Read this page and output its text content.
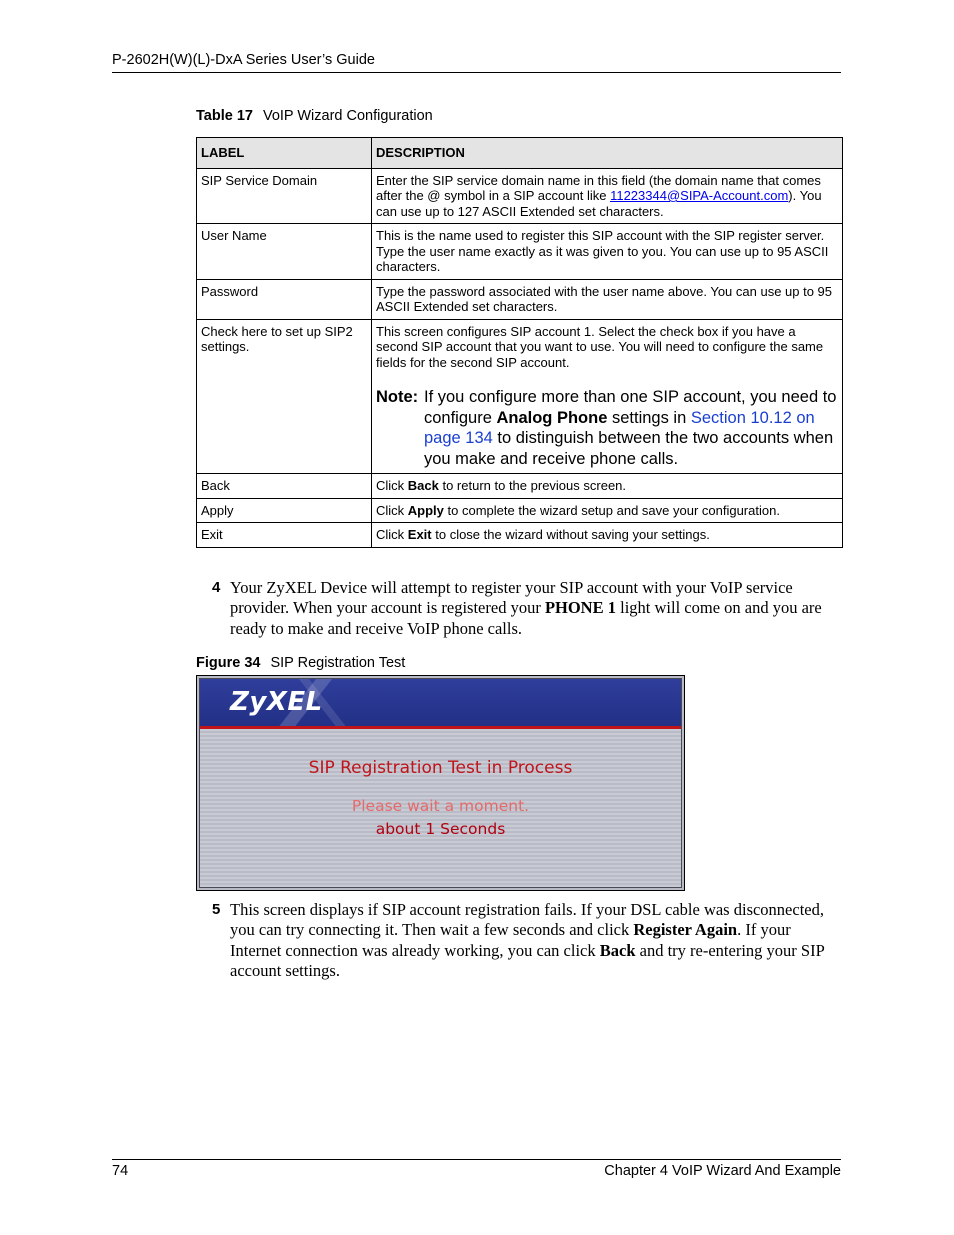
P-2602H(W)(L)-DxA Series User’s Guide
Table 17 VoIP Wizard Configuration
LABEL	DESCRIPTION
SIP Service Domain	Enter the SIP service domain name in this field (the domain name that comes after the @ symbol in a SIP account like 11223344@SIPA-Account.com). You can use up to 127 ASCII Extended set characters.
User Name	This is the name used to register this SIP account with the SIP register server. Type the user name exactly as it was given to you. You can use up to 95 ASCII characters.
Password	Type the password associated with the user name above. You can use up to 95 ASCII Extended set characters.
Check here to set up SIP2 settings.	This screen configures SIP account 1. Select the check box if you have a second SIP account that you want to use. You will need to configure the same fields for the second SIP account.
Note: If you configure more than one SIP account, you need to configure Analog Phone settings in Section 10.12 on page 134 to distinguish between the two accounts when you make and receive phone calls.

Back	Click Back to return to the previous screen.
Apply	Click Apply to complete the wizard setup and save your configuration.
Exit	Click Exit to close the wizard without saving your settings.
4 Your ZyXEL Device will attempt to register your SIP account with your VoIP service provider. When your account is registered your PHONE 1 light will come on and you are ready to make and receive VoIP phone calls.
Figure 34 SIP Registration Test
ZyXEL
SIP Registration Test in Process
Please wait a moment.
about 1 Seconds
5 This screen displays if SIP account registration fails. If your DSL cable was disconnected, you can try connecting it. Then wait a few seconds and click Register Again. If your Internet connection was already working, you can click Back and try re-entering your SIP account settings.
74	Chapter 4 VoIP Wizard And Example
